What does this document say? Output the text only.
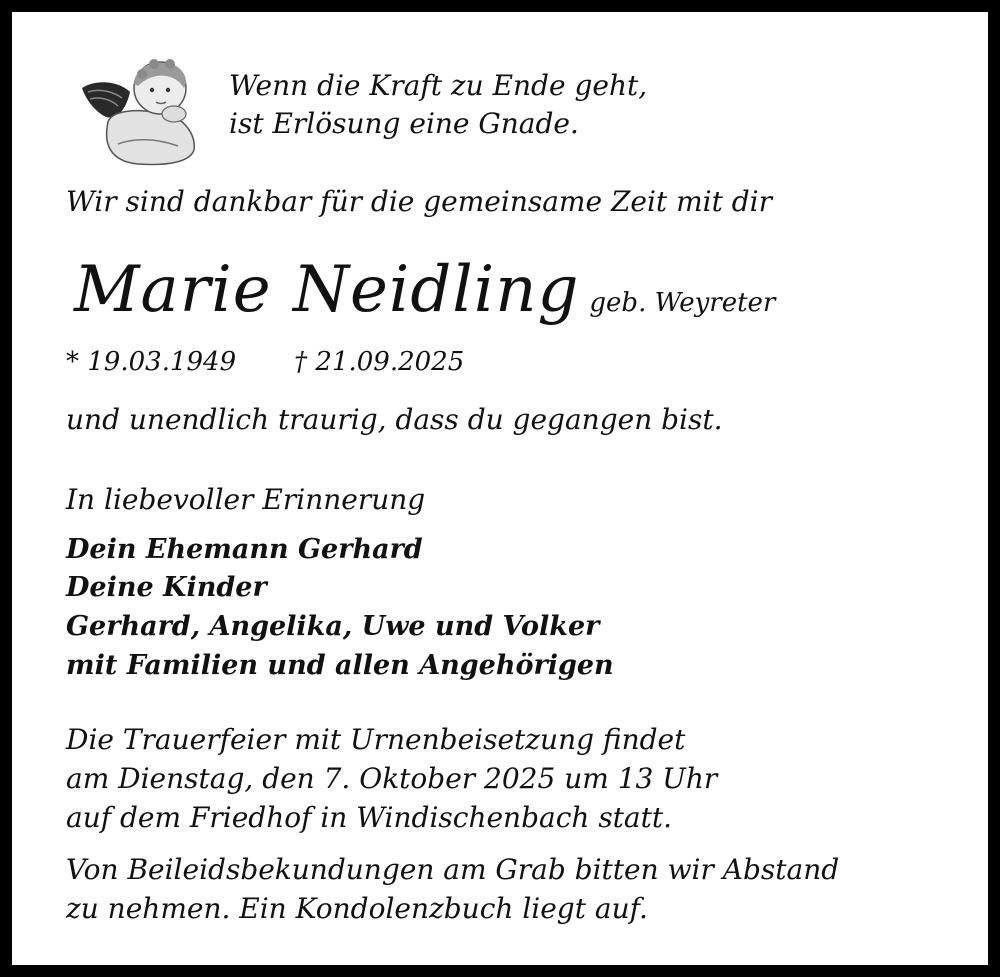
Wenn die Kraft zu Ende geht,

ist Erlösung eine Gnade.

Wir sind dankbar für die gemeinsame Zeit mit dir

Marie Neidling geb. Weyreter
* 19.03.1949 † 21.09.2025

und unendlich traurig, dass du gegangen bist.

In liebevoller Erinnerung

Dein Ehemann Gerhard

Deine Kinder

Gerhard, Angelika, Uwe und Volker

mit Familien und allen Angehörigen

Die Trauerfeier mit Urnenbeisetzung findet

am Dienstag, den 7. Oktober 2025 um 13 Uhr

auf dem Friedhof in Windischenbach statt.

Von Beileidsbekundungen am Grab bitten wir Abstand

zu nehmen. Ein Kondolenzbuch liegt auf.
